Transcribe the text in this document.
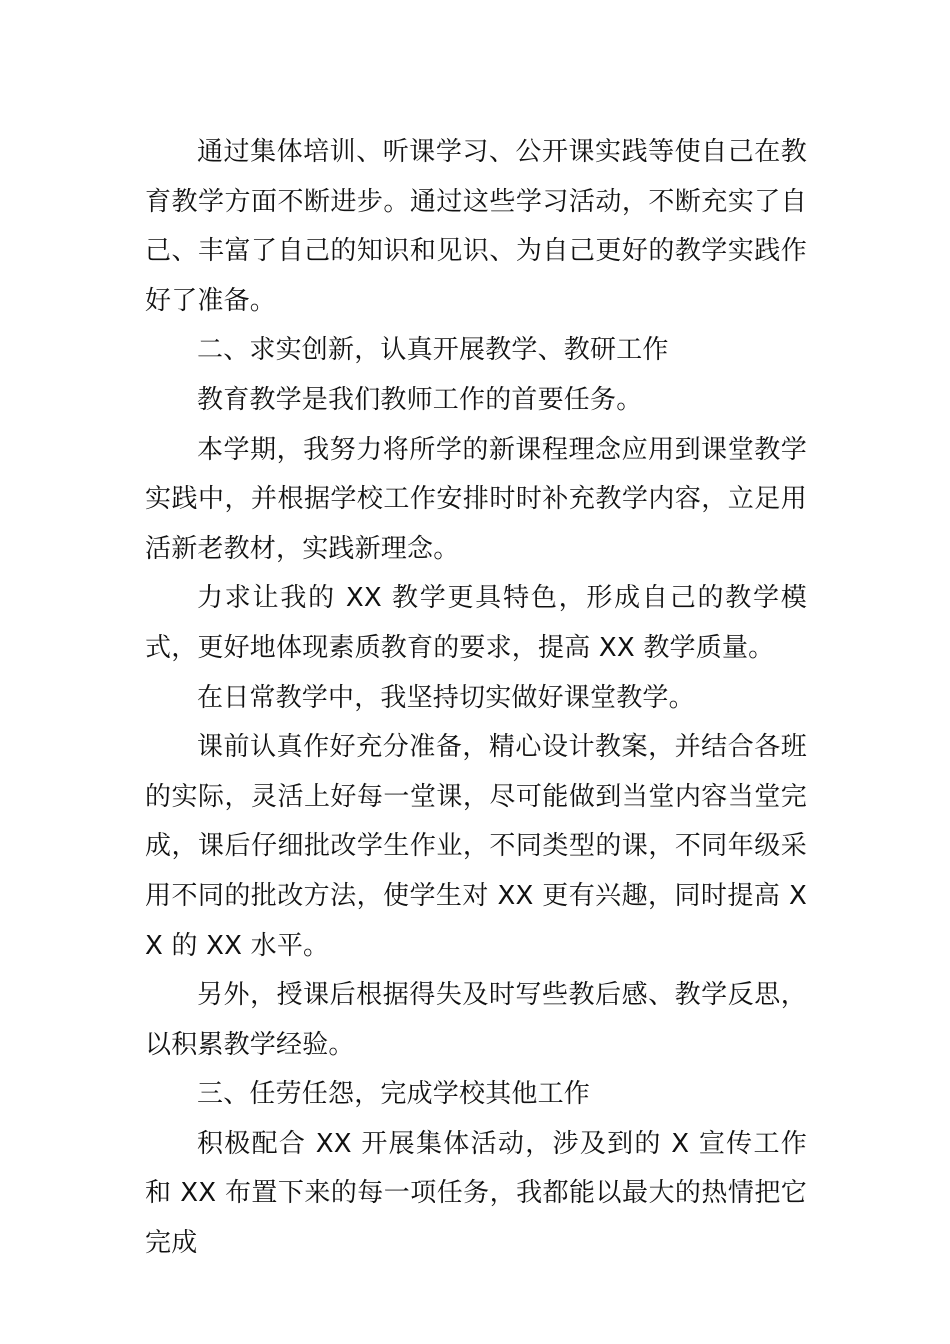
通过集体培训、听课学习、公开课实践等使自己在教育教学方面不断进步。通过这些学习活动，不断充实了自己、丰富了自己的知识和见识、为自己更好的教学实践作好了准备。

二、求实创新，认真开展教学、教研工作

教育教学是我们教师工作的首要任务。

本学期，我努力将所学的新课程理念应用到课堂教学实践中，并根据学校工作安排时时补充教学内容，立足用活新老教材，实践新理念。

力求让我的 XX 教学更具特色，形成自己的教学模式，更好地体现素质教育的要求，提高 XX 教学质量。

在日常教学中，我坚持切实做好课堂教学。

课前认真作好充分准备，精心设计教案，并结合各班的实际，灵活上好每一堂课，尽可能做到当堂内容当堂完成，课后仔细批改学生作业，不同类型的课，不同年级采用不同的批改方法，使学生对 XX 更有兴趣，同时提高 XX 的 XX 水平。

另外，授课后根据得失及时写些教后感、教学反思，以积累教学经验。

三、任劳任怨，完成学校其他工作

积极配合 XX 开展集体活动，涉及到的 X 宣传工作和 XX 布置下来的每一项任务，我都能以最大的热情把它完成
